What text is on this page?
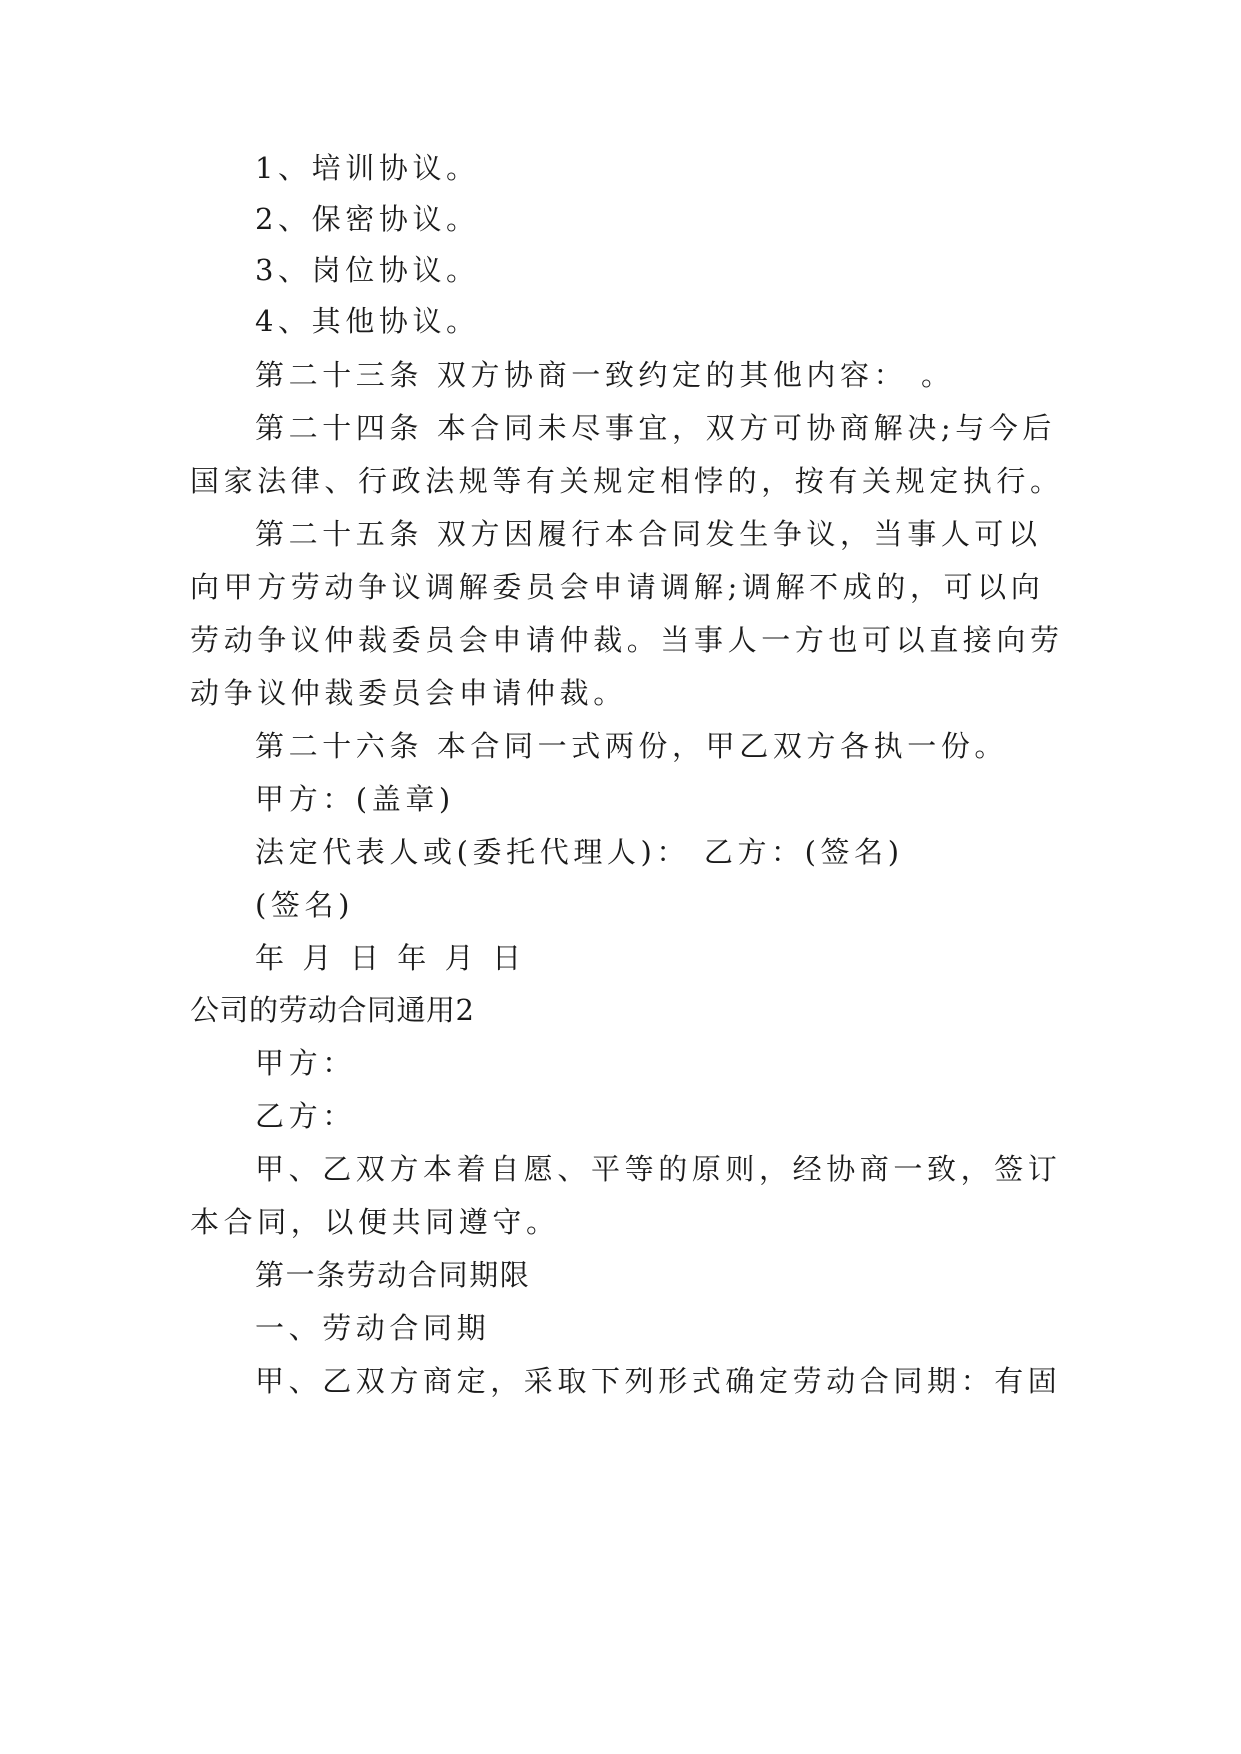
1、培训协议。
2、保密协议。
3、岗位协议。
4、其他协议。
第二十三条 双方协商一致约定的其他内容： 。
第二十四条 本合同未尽事宜，双方可协商解决;与今后
国家法律、行政法规等有关规定相悖的，按有关规定执行。
第二十五条 双方因履行本合同发生争议，当事人可以
向甲方劳动争议调解委员会申请调解;调解不成的，可以向
劳动争议仲裁委员会申请仲裁。当事人一方也可以直接向劳
动争议仲裁委员会申请仲裁。
第二十六条 本合同一式两份，甲乙双方各执一份。
甲方：(盖章)
法定代表人或(委托代理人)： 乙方：(签名)
(签名)
年 月 日 年 月 日
公司的劳动合同通用2
甲方：
乙方：
甲、乙双方本着自愿、平等的原则，经协商一致，签订
本合同，以便共同遵守。
第一条劳动合同期限
一、劳动合同期
甲、乙双方商定，采取下列形式确定劳动合同期：有固
